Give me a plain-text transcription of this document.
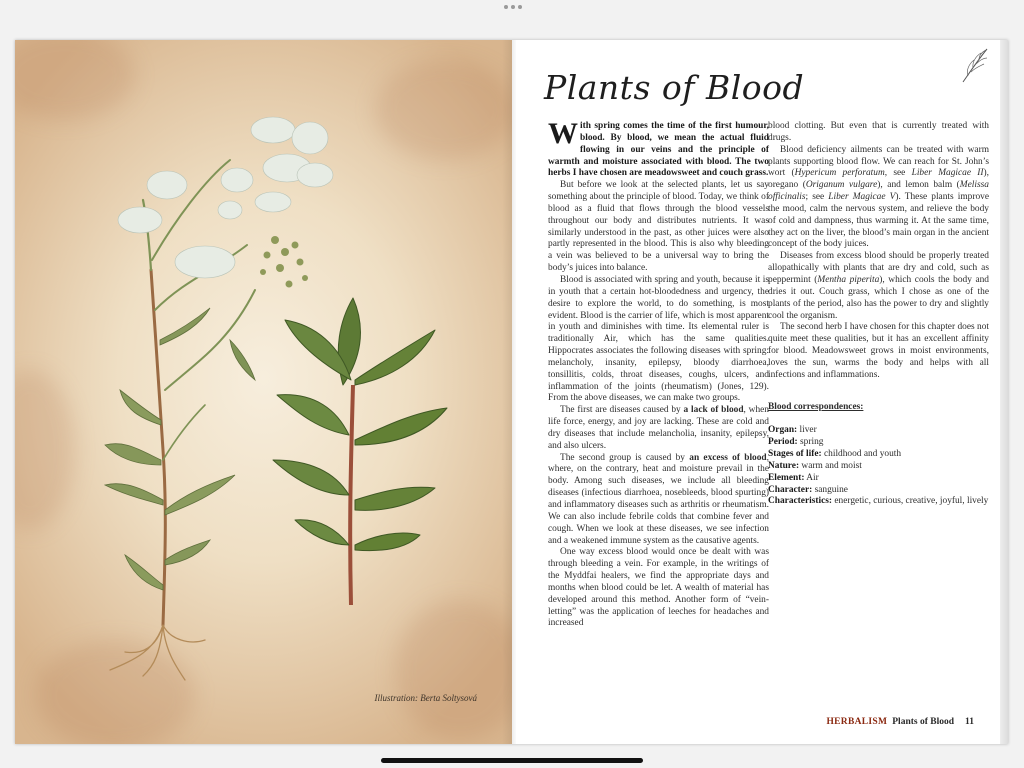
Illustration: Berta Soltysová
Plants of Blood

With spring comes the time of the first humour, blood. By blood, we mean the actual fluid flowing in our veins and the principle of warmth and moisture associated with blood. The two herbs I have chosen are meadowsweet and couch grass.

But before we look at the selected plants, let us say something about the principle of blood. Today, we think of blood as a fluid that flows through the blood vessels throughout our body and distributes nutrients. It was similarly understood in the past, as other juices were also partly represented in the blood. This is also why bleeding a vein was believed to be a universal way to bring the body’s juices into balance.

Blood is associated with spring and youth, because it is in youth that a certain hot-bloodedness and urgency, the desire to explore the world, to do something, is most evident. Blood is the carrier of life, which is most apparent in youth and diminishes with time. Its elemental ruler is traditionally Air, which has the same qualities. Hippocrates associates the following diseases with spring: melancholy, insanity, epilepsy, bloody diarrhoea, tonsillitis, colds, throat diseases, coughs, ulcers, and inflammation of the joints (rheumatism) (Jones, 129). From the above diseases, we can make two groups.

The first are diseases caused by a lack of blood, when life force, energy, and joy are lacking. These are cold and dry diseases that include melancholia, insanity, epilepsy, and also ulcers.

The second group is caused by an excess of blood, where, on the contrary, heat and moisture prevail in the body. Among such diseases, we include all bleeding diseases (infectious diarrhoea, nosebleeds, blood spurting) and inflammatory diseases such as arthritis or rheumatism. We can also include febrile colds that combine fever and cough. When we look at these diseases, we see infection and a weakened immune system as the causative agents.

One way excess blood would once be dealt with was through bleeding a vein. For example, in the writings of the Myddfai healers, we find the appropriate days and months when blood could be let. A wealth of material has developed around this method. Another form of “vein-letting” was the application of leeches for headaches and increased

blood clotting. But even that is currently treated with drugs.

Blood deficiency ailments can be treated with warm plants supporting blood flow. We can reach for St. John’s wort (Hypericum perforatum, see Liber Magicae II), oregano (Origanum vulgare), and lemon balm (Melissa officinalis; see Liber Magicae V). These plants improve the mood, calm the nervous system, and relieve the body of cold and dampness, thus warming it. At the same time, they act on the liver, the blood’s main organ in the ancient concept of the body juices.

Diseases from excess blood should be properly treated allopathically with plants that are dry and cold, such as peppermint (Mentha piperita), which cools the body and dries it out. Couch grass, which I chose as one of the plants of the period, also has the power to dry and slightly cool the organism.

The second herb I have chosen for this chapter does not quite meet these qualities, but it has an excellent affinity for blood. Meadowsweet grows in moist environments, loves the sun, warms the body and helps with all infections and inflammations.

Blood correspondences:

Organ: liver

Period: spring

Stages of life: childhood and youth

Nature: warm and moist

Element: Air

Character: sanguine

Characteristics: energetic, curious, creative, joyful, lively

HERBALISM Plants of Blood 11
